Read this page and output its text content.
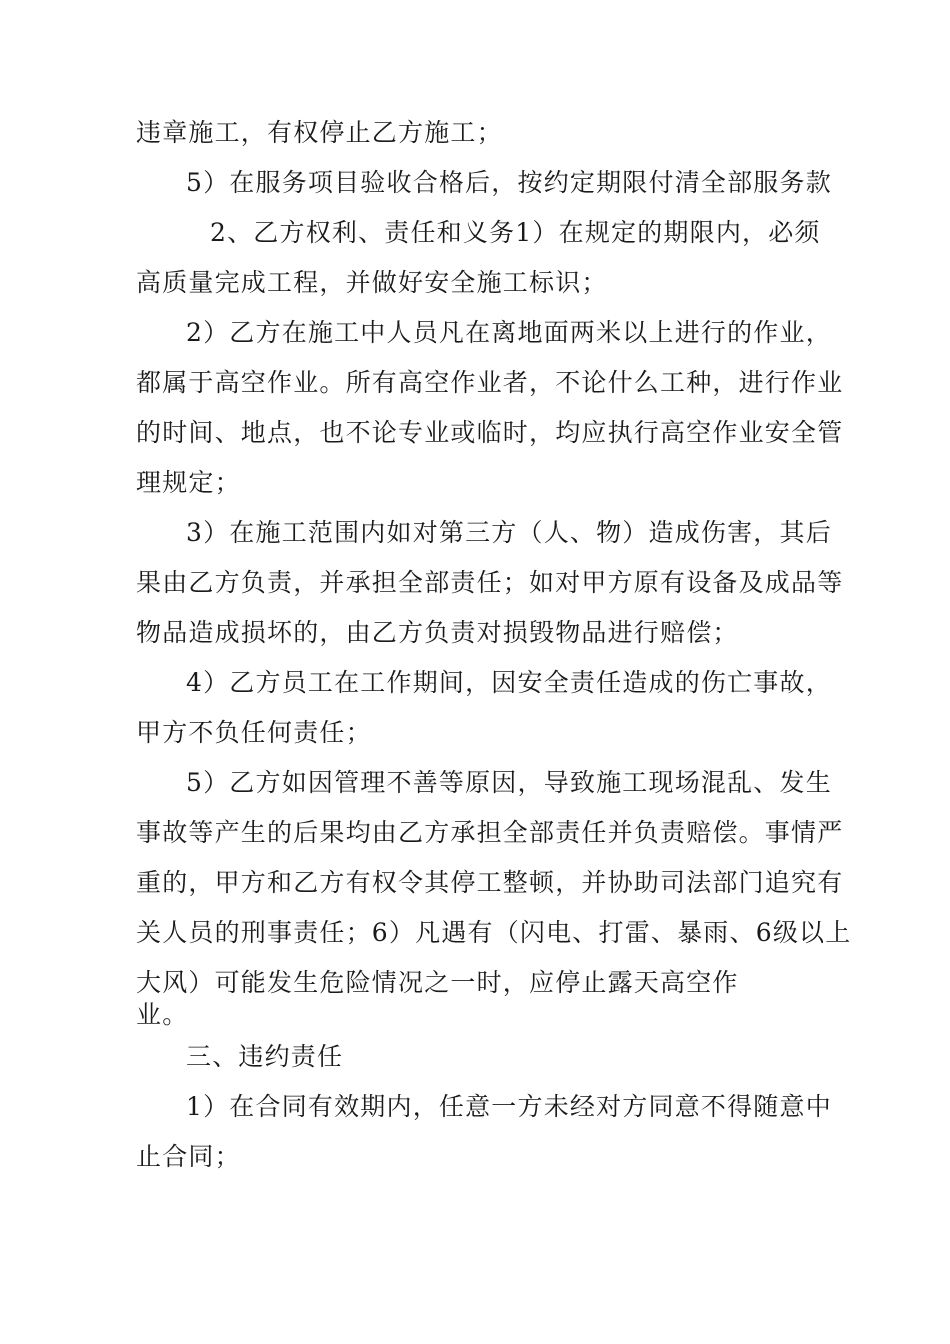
违章施工，有权停止乙方施工；
5）在服务项目验收合格后，按约定期限付清全部服务款
2、乙方权利、责任和义务1）在规定的期限内，必须
高质量完成工程，并做好安全施工标识；
2）乙方在施工中人员凡在离地面两米以上进行的作业，
都属于高空作业。所有高空作业者，不论什么工种，进行作业
的时间、地点，也不论专业或临时，均应执行高空作业安全管
理规定；
3）在施工范围内如对第三方（人、物）造成伤害，其后
果由乙方负责，并承担全部责任；如对甲方原有设备及成品等
物品造成损坏的，由乙方负责对损毁物品进行赔偿；
4）乙方员工在工作期间，因安全责任造成的伤亡事故，
甲方不负任何责任；
5）乙方如因管理不善等原因，导致施工现场混乱、发生
事故等产生的后果均由乙方承担全部责任并负责赔偿。事情严
重的，甲方和乙方有权令其停工整顿，并协助司法部门追究有
关人员的刑事责任；6）凡遇有（闪电、打雷、暴雨、6级以上
大风）可能发生危险情况之一时，应停止露天高空作
业。
三、违约责任
1）在合同有效期内，任意一方未经对方同意不得随意中
止合同；
